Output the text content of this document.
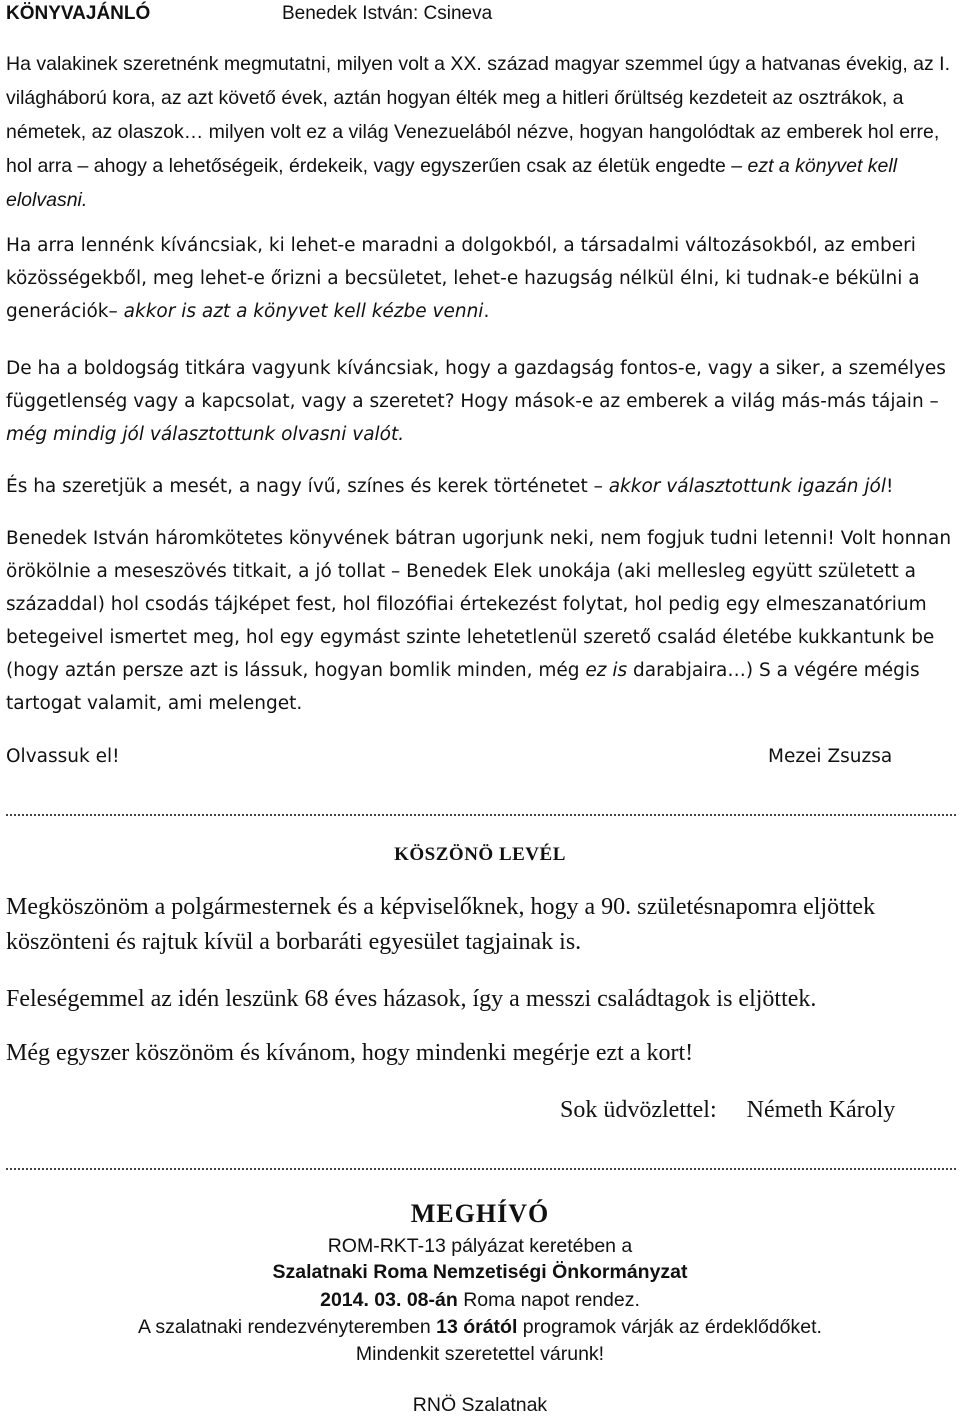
KÖNYVAJÁNLÓ	Benedek István: Csineva
Ha valakinek szeretnénk megmutatni, milyen volt a XX. század magyar szemmel úgy a hatvanas évekig, az I. világháború kora, az azt követő évek, aztán hogyan élték meg a hitleri őrültség kezdeteit az osztrákok, a németek, az olaszok… milyen volt ez a világ Venezuelából nézve, hogyan hangolódtak az emberek hol erre, hol arra – ahogy a lehetőségeik, érdekeik, vagy egyszerűen csak az életük engedte – ezt a könyvet kell elolvasni.
Ha arra lennénk kíváncsiak, ki lehet-e maradni a dolgokból, a társadalmi változásokból, az emberi közösségekből, meg lehet-e őrizni a becsületet, lehet-e hazugság nélkül élni, ki tudnak-e békülni a generációk– akkor is azt a könyvet kell kézbe venni.
De ha a boldogság titkára vagyunk kíváncsiak, hogy a gazdagság fontos-e, vagy a siker, a személyes függetlenség vagy a kapcsolat, vagy a szeretet? Hogy mások-e az emberek a világ más-más tájain – még mindig jól választottunk olvasni valót.
És ha szeretjük a mesét, a nagy ívű, színes és kerek történetet – akkor választottunk igazán jól!
Benedek István háromkötetes könyvének bátran ugorjunk neki, nem fogjuk tudni letenni! Volt honnan örökölnie a meseszövés titkait, a jó tollat – Benedek Elek unokája (aki mellesleg együtt született a századdal) hol csodás tájképet fest, hol filozófiai értekezést folytat, hol pedig egy elmeszanatórium betegeivel ismertet meg, hol egy egymást szinte lehetetlenül szerető család életébe kukkantunk be (hogy aztán persze azt is lássuk, hogyan bomlik minden, még ez is darabjaira…) S a végére mégis tartogat valamit, ami melenget.
Olvassuk el!	Mezei Zsuzsa
KÖSZÖNÖ LEVÉL
Megköszönöm a polgármesternek és a képviselőknek, hogy a 90. születésnapomra eljöttek köszönteni és rajtuk kívül a borbaráti egyesület tagjainak is.
Feleségemmel az idén leszünk 68 éves házasok, így a messzi családtagok is eljöttek.
Még egyszer köszönöm és kívánom, hogy mindenki megérje ezt a kort!
Sok üdvözlettel: Németh Károly
MEGHÍVÓ
ROM-RKT-13 pályázat keretében a
Szalatnaki Roma Nemzetiségi Önkormányzat
2014. 03. 08-án Roma napot rendez.
A szalatnaki rendezvényteremben 13 órától programok várják az érdeklődőket.
Mindenkit szeretettel várunk!
RNÖ Szalatnak
